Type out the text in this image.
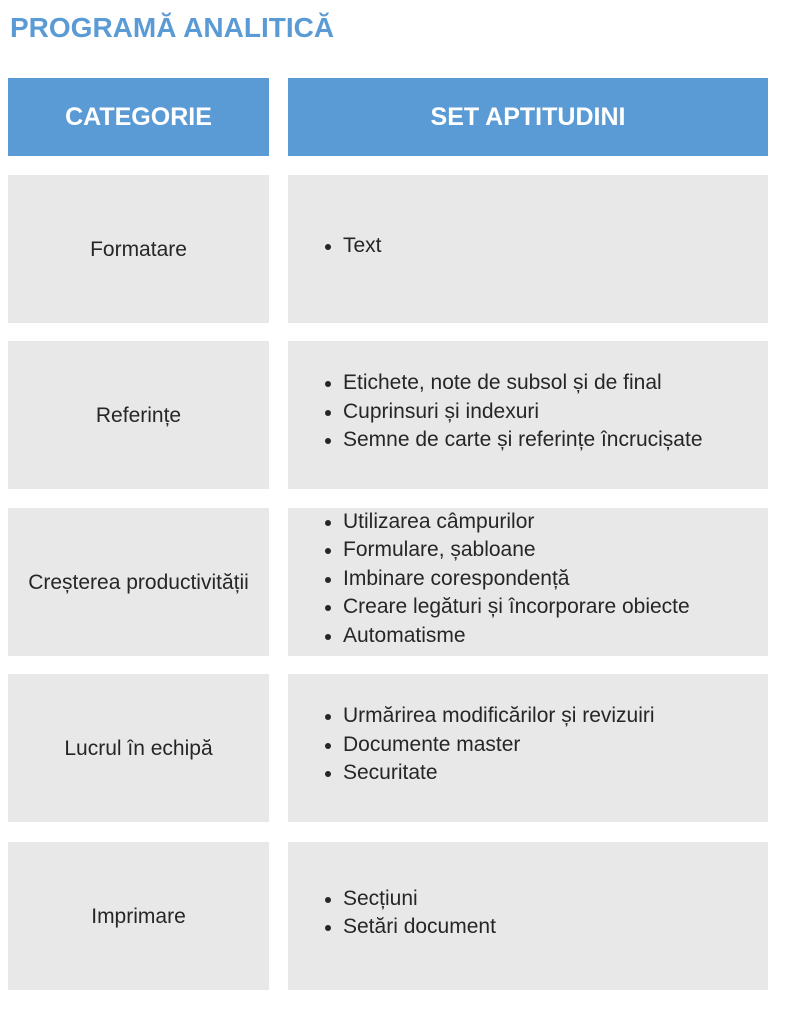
PROGRAMĂ ANALITICĂ
CATEGORIE	SET APTITUDINI
Formatare	Text
Referințe
Etichete, note de subsol și de final
Cuprinsuri și indexuri
Semne de carte și referințe încrucișate
Creșterea productivității
Utilizarea câmpurilor
Formulare, șabloane
Imbinare corespondență
Creare legături și încorporare obiecte
Automatisme
Lucrul în echipă
Urmărirea modificărilor și revizuiri
Documente master
Securitate
Imprimare
Secțiuni
Setări document
